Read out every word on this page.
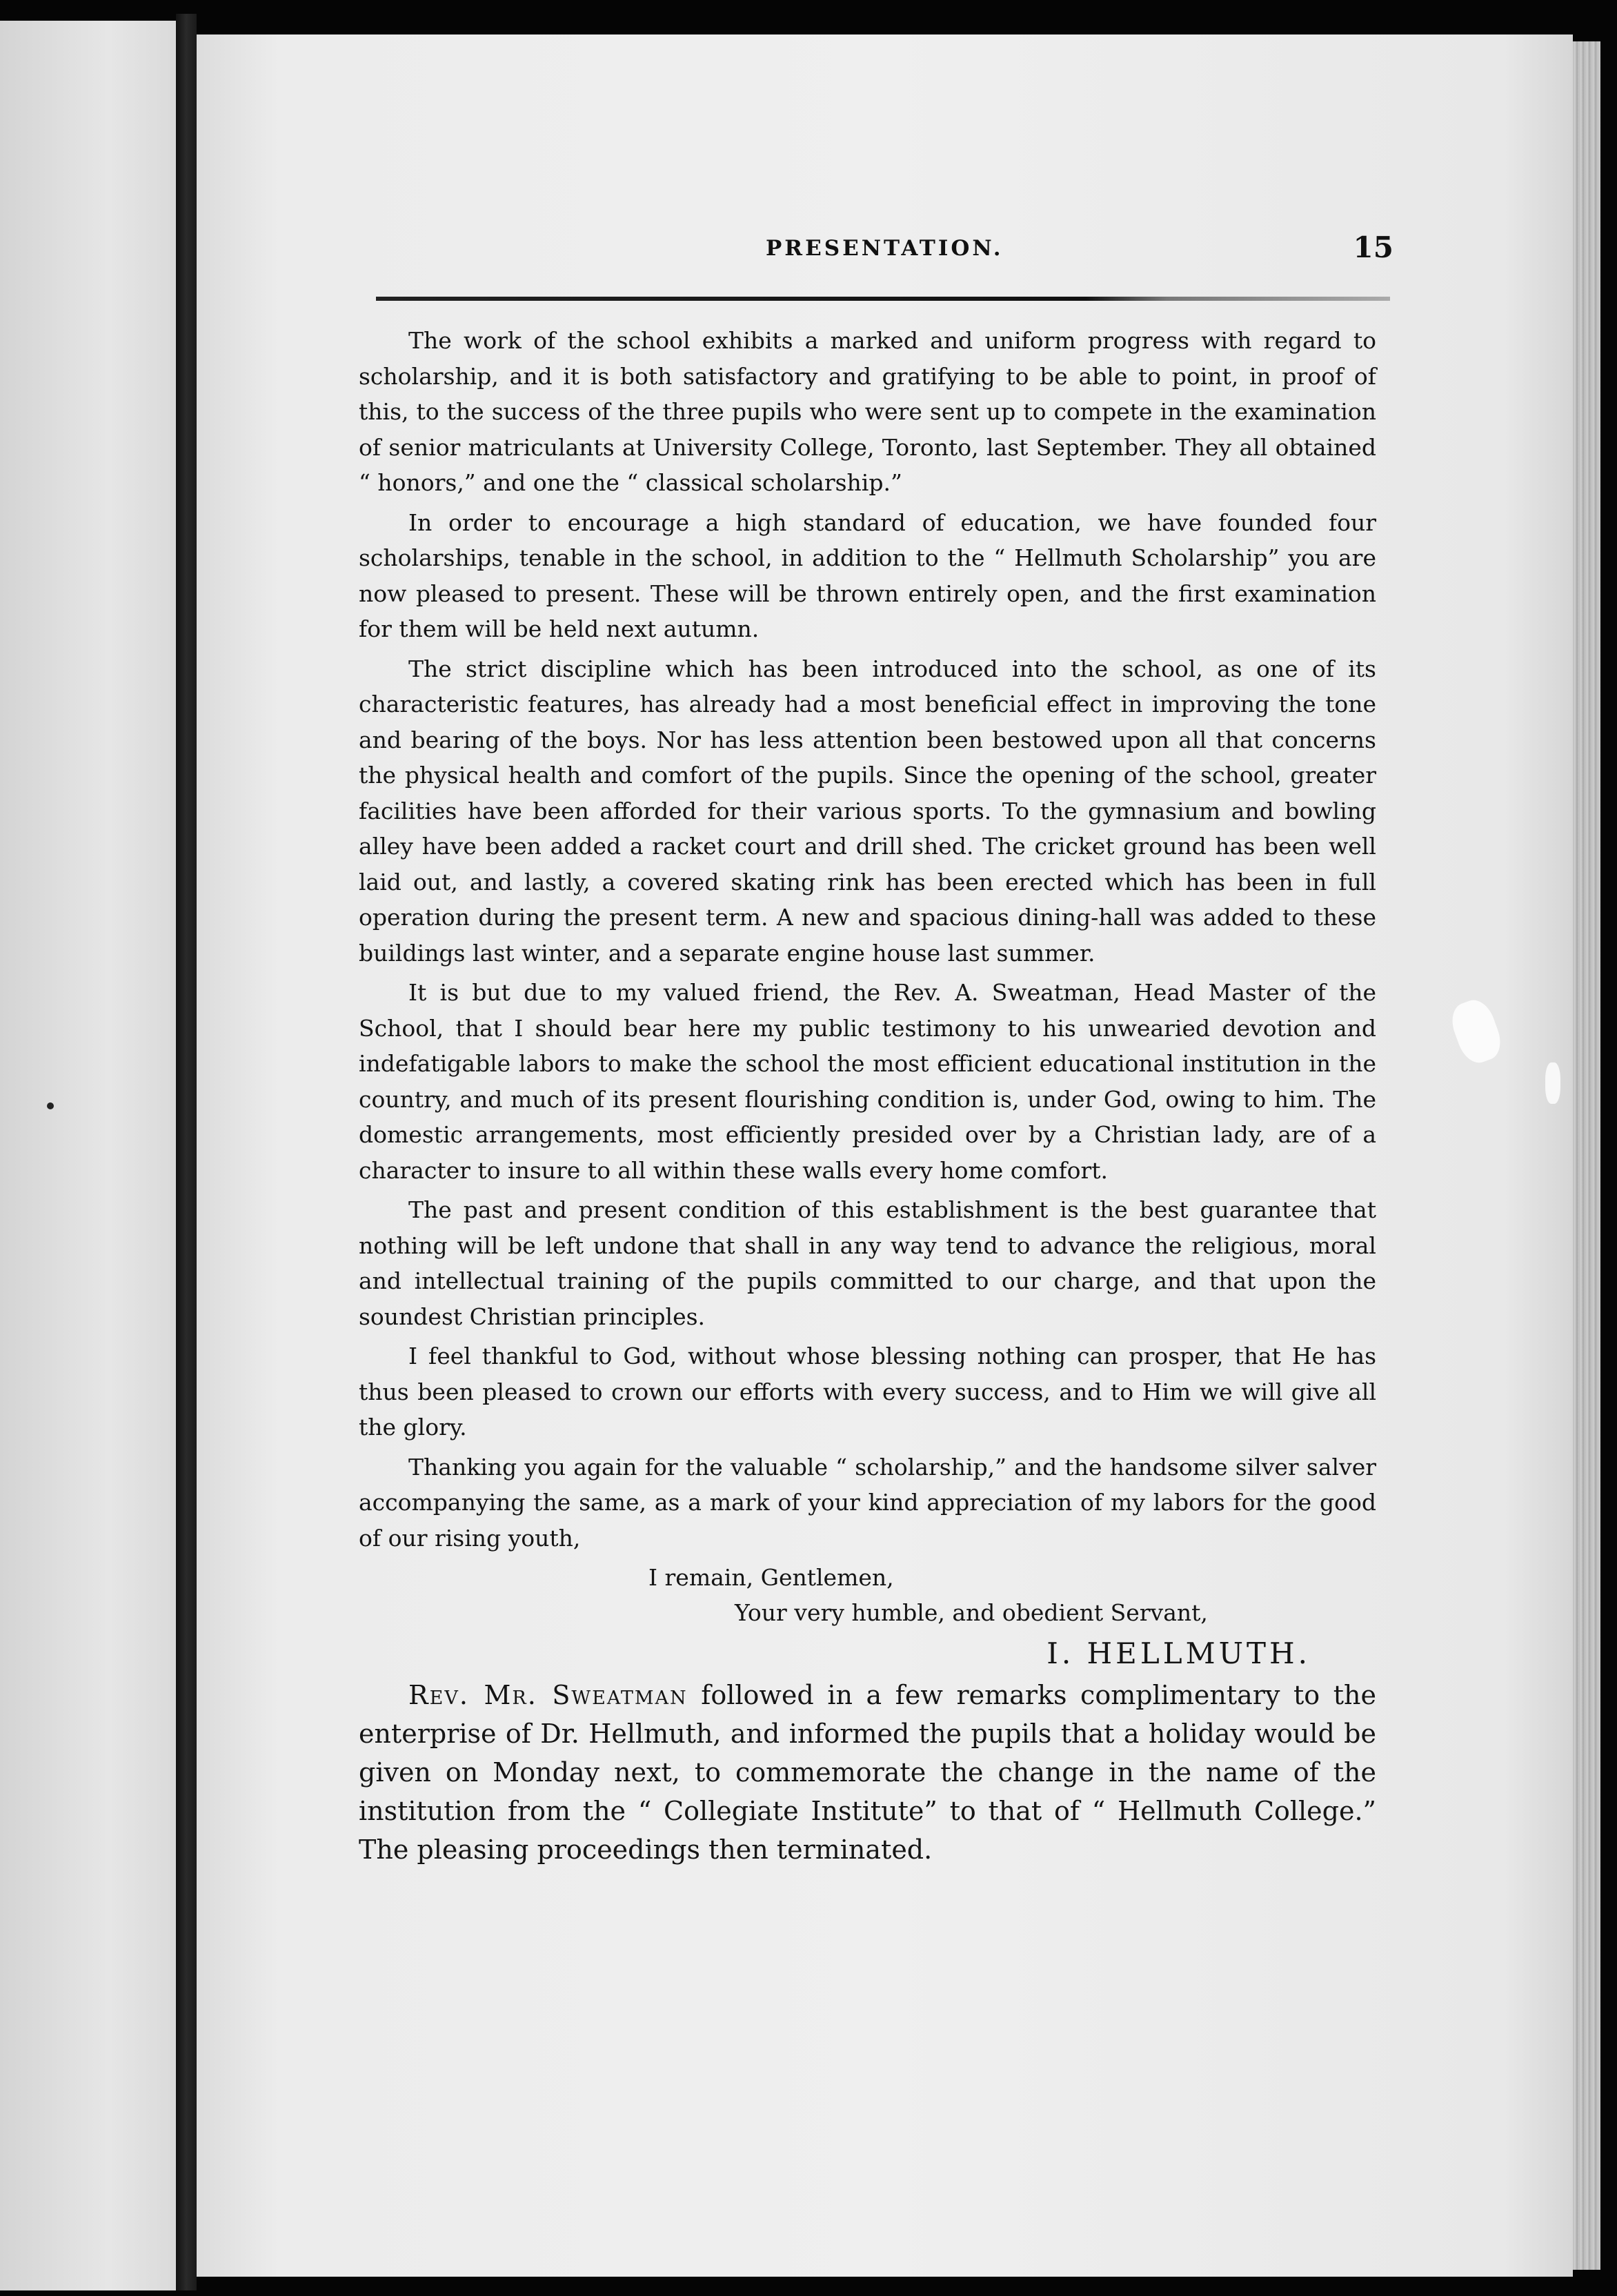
PRESENTATION.	15

The work of the school exhibits a marked and uniform progress with regard to scholarship, and it is both satisfactory and gratifying to be able to point, in proof of this, to the success of the three pupils who were sent up to compete in the examination of senior matriculants at University College, Toronto, last September. They all obtained “ honors,” and one the “ classical scholarship.”

In order to encourage a high standard of education, we have founded four scholarships, tenable in the school, in addition to the “ Hellmuth Scholarship” you are now pleased to present. These will be thrown entirely open, and the first examination for them will be held next autumn.

The strict discipline which has been introduced into the school, as one of its characteristic features, has already had a most beneficial effect in improving the tone and bearing of the boys. Nor has less attention been bestowed upon all that concerns the physical health and comfort of the pupils. Since the opening of the school, greater facilities have been afforded for their various sports. To the gymnasium and bowling alley have been added a racket court and drill shed. The cricket ground has been well laid out, and lastly, a covered skating rink has been erected which has been in full operation during the present term. A new and spacious dining-hall was added to these buildings last winter, and a separate engine house last summer.

It is but due to my valued friend, the Rev. A. Sweatman, Head Master of the School, that I should bear here my public testimony to his unwearied devotion and indefatigable labors to make the school the most efficient educational institution in the country, and much of its present flourishing condition is, under God, owing to him. The domestic arrangements, most efficiently presided over by a Christian lady, are of a character to insure to all within these walls every home comfort.

The past and present condition of this establishment is the best guarantee that nothing will be left undone that shall in any way tend to advance the religious, moral and intellectual training of the pupils committed to our charge, and that upon the soundest Christian principles.

I feel thankful to God, without whose blessing nothing can prosper, that He has thus been pleased to crown our efforts with every success, and to Him we will give all the glory.

Thanking you again for the valuable “ scholarship,” and the handsome silver salver accompanying the same, as a mark of your kind appreciation of my labors for the good of our rising youth,

I remain, Gentlemen,
Your very humble, and obedient Servant,
I. HELLMUTH.

Rev. Mr. Sweatman followed in a few remarks complimentary to the enterprise of Dr. Hellmuth, and informed the pupils that a holiday would be given on Monday next, to commemorate the change in the name of the institution from the “ Collegiate Institute” to that of “ Hellmuth College.” The pleasing proceedings then terminated.
